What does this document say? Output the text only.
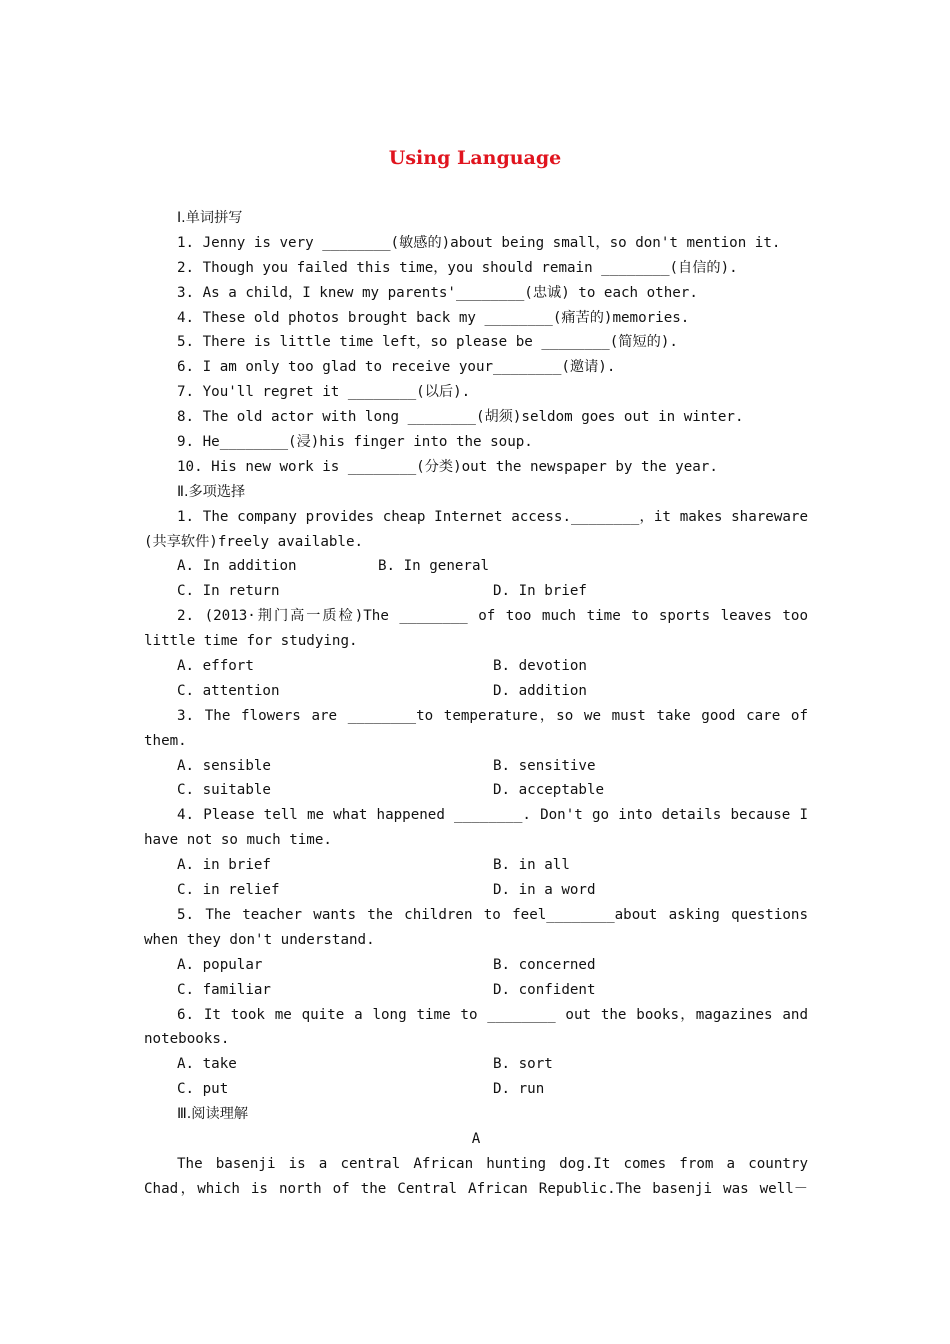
Using Language
Ⅰ.单词拼写
1. Jenny is very ________(敏感的)about being small，so don't mention it.
2. Though you failed this time，you should remain ________(自信的).
3. As a child，I knew my parents'________(忠诚) to each other.
4. These old photos brought back my ________(痛苦的)memories.
5. There is little time left，so please be ________(简短的).
6. I am only too glad to receive your________(邀请).
7. You'll regret it ________(以后).
8. The old actor with long ________(胡须)seldom goes out in winter.
9. He________(浸)his finger into the soup.
10. His new work is ________(分类)out the newspaper by the year.
Ⅱ.多项选择
1. The company provides cheap Internet access.________，it makes shareware
(共享软件)freely available.
A. In addition	B. In general
C. In return	D. In brief
2. (2013·荆门高一质检)The ________ of too much time to sports leaves too
little time for studying.
A. effort	B. devotion
C. attention	D. addition
3. The flowers are ________to temperature，so we must take good care of
them.
A. sensible	B. sensitive
C. suitable	D. acceptable
4. Please tell me what happened ________. Don't go into details because I
have not so much time.
A. in brief	B. in all
C. in relief	D. in a word
5. The teacher wants the children to feel________about asking questions
when they don't understand.
A. popular	B. concerned
C. familiar	D. confident
6. It took me quite a long time to ________ out the books，magazines and
notebooks.
A. take	B. sort
C. put	D. run
Ⅲ.阅读理解
A
The basenji is a central African hunting dog.It comes from a country
Chad，which is north of the Central African Republic.The basenji was well－
